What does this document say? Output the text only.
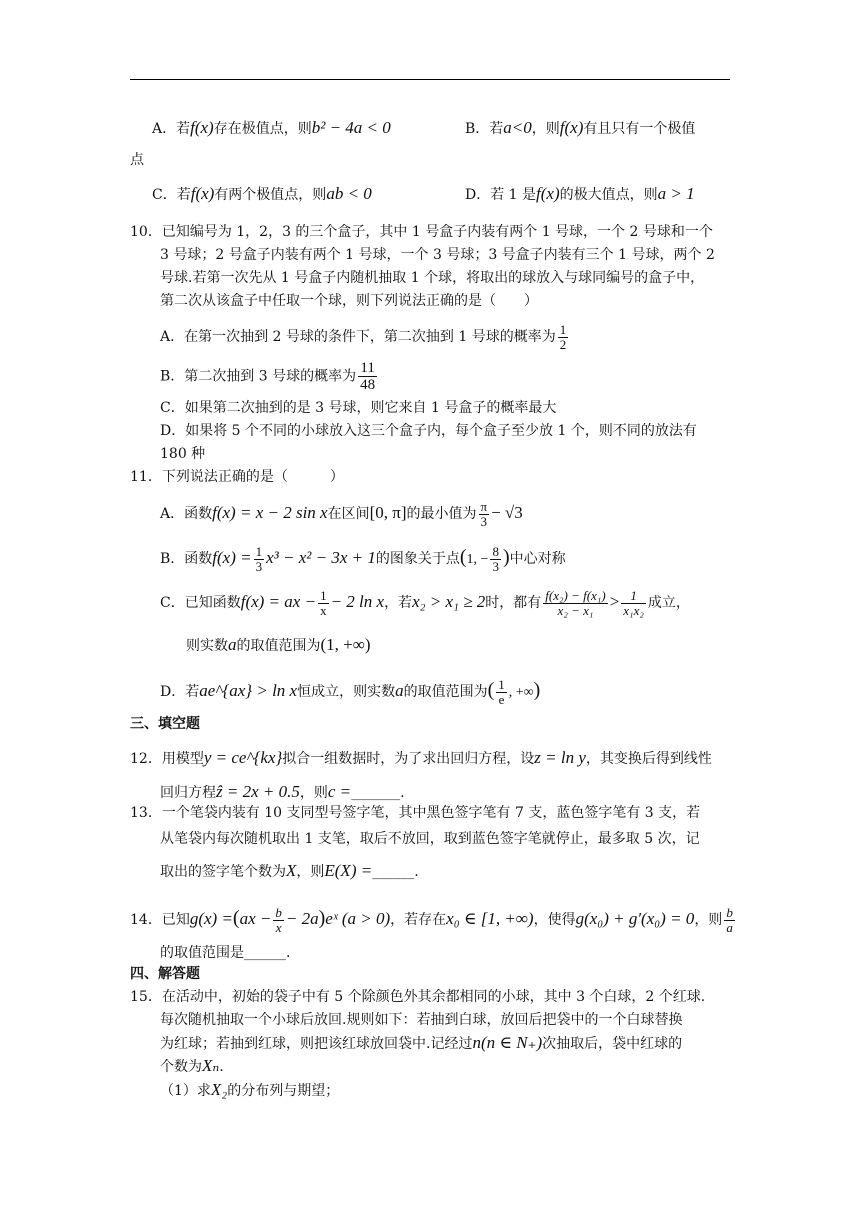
A．若f(x)存在极值点，则b² − 4a < 0	B．若a<0，则f(x)有且只有一个极值
点
C．若f(x)有两个极值点，则ab < 0	D．若 1 是f(x)的极大值点，则a > 1
10．已知编号为 1，2，3 的三个盒子，其中 1 号盒子内装有两个 1 号球，一个 2 号球和一个
3 号球；2 号盒子内装有两个 1 号球，一个 3 号球；3 号盒子内装有三个 1 号球，两个 2
号球.若第一次先从 1 号盒子内随机抽取 1 个球，将取出的球放入与球同编号的盒子中，
第二次从该盒子中任取一个球，则下列说法正确的是（　　）
A．在第一次抽到 2 号球的条件下，第二次抽到 1 号球的概率为 $\frac{1}{2}$
B．第二次抽到 3 号球的概率为 $\frac{11}{48}$
C．如果第二次抽到的是 3 号球，则它来自 1 号盒子的概率最大
D．如果将 5 个不同的小球放入这三个盒子内，每个盒子至少放 1 个，则不同的放法有
180 种
11．下列说法正确的是（　　　）
A．函数f(x) = x − 2 sin x在区间[0, π]的最小值为 $\frac{\pi}{3} - √3$
B．函数$f(x) = \frac{1}{3} x^3 - x^2 - 3x + 1$的图象关于点(1, − $\frac{8}{3}$ )中心对称
C．已知函数f(x) = ax − $\frac{1}{x} - 2$ ln x，若x₂ > x₁ ≥ 2时，都有 $\frac{\text{f(x₂) − f(x₁)}}{\text{x₂ − x₁}} > \frac{1}{\text{x₁x₂}}$ 成立，
则实数a的取值范围为(1, +∞)
D．若ae^{ax} > ln x恒成立，则实数a的取值范围为( $\frac{1}{e}$ , +∞)
三、填空题
12．用模型y = ce^{kx}拟合一组数据时，为了求出回归方程，设z = ln y，其变换后得到线性
回归方程ẑ = 2x + 0.5，则c =_______.
13．一个笔袋内装有 10 支同型号签字笔，其中黑色签字笔有 7 支，蓝色签字笔有 3 支，若
从笔袋内每次随机取出 1 支笔，取后不放回，取到蓝色签字笔就停止，最多取 5 次，记
取出的签字笔个数为X，则E(X) =______.
14．已知$g(x) =(ax - \frac{b}{x}$ − 2a)eˣ (a > 0)，若存在x₀ ∈ [1, +∞)，使得g(x₀) + g′(x₀) = 0，则 $\frac{b}{a}$
的取值范围是______.
四、解答题
15．在活动中，初始的袋子中有 5 个除颜色外其余都相同的小球，其中 3 个白球，2 个红球.
每次随机抽取一个小球后放回.规则如下：若抽到白球，放回后把袋中的一个白球替换
为红球；若抽到红球，则把该红球放回袋中.记经过n(n ∈ N₊)次抽取后，袋中红球的
个数为Xₙ.
（1）求X₂的分布列与期望；
